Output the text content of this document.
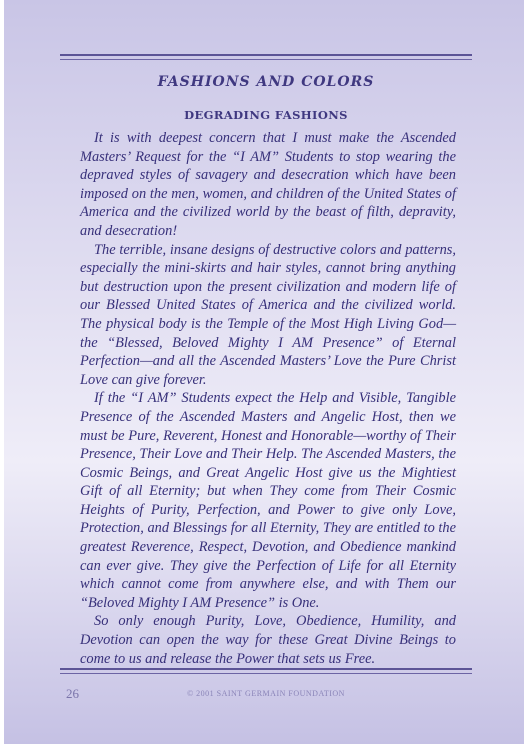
FASHIONS AND COLORS
DEGRADING FASHIONS

It is with deepest concern that I must make the Ascended Masters’ Request for the “I AM” Students to stop wearing the depraved styles of savagery and desecration which have been imposed on the men, women, and children of the United States of America and the civilized world by the beast of filth, depravity, and desecration!

The terrible, insane designs of destructive colors and patterns, especially the mini-skirts and hair styles, cannot bring anything but destruction upon the present civilization and modern life of our Blessed United States of America and the civilized world. The physical body is the Temple of the Most High Living God—the “Blessed, Beloved Mighty I AM Presence” of Eternal Perfection—and all the Ascended Masters’ Love the Pure Christ Love can give forever.

If the “I AM” Students expect the Help and Visible, Tangible Presence of the Ascended Masters and Angelic Host, then we must be Pure, Reverent, Honest and Honorable—worthy of Their Presence, Their Love and Their Help. The Ascended Masters, the Cosmic Beings, and Great Angelic Host give us the Mightiest Gift of all Eternity; but when They come from Their Cosmic Heights of Purity, Perfection, and Power to give only Love, Protection, and Blessings for all Eternity, They are entitled to the greatest Reverence, Respect, Devotion, and Obedience mankind can ever give. They give the Perfection of Life for all Eternity which cannot come from anywhere else, and with Them our “Beloved Mighty I AM Presence” is One.

So only enough Purity, Love, Obedience, Humility, and Devotion can open the way for these Great Divine Beings to come to us and release the Power that sets us Free.

26	© 2001 SAINT GERMAIN FOUNDATION
